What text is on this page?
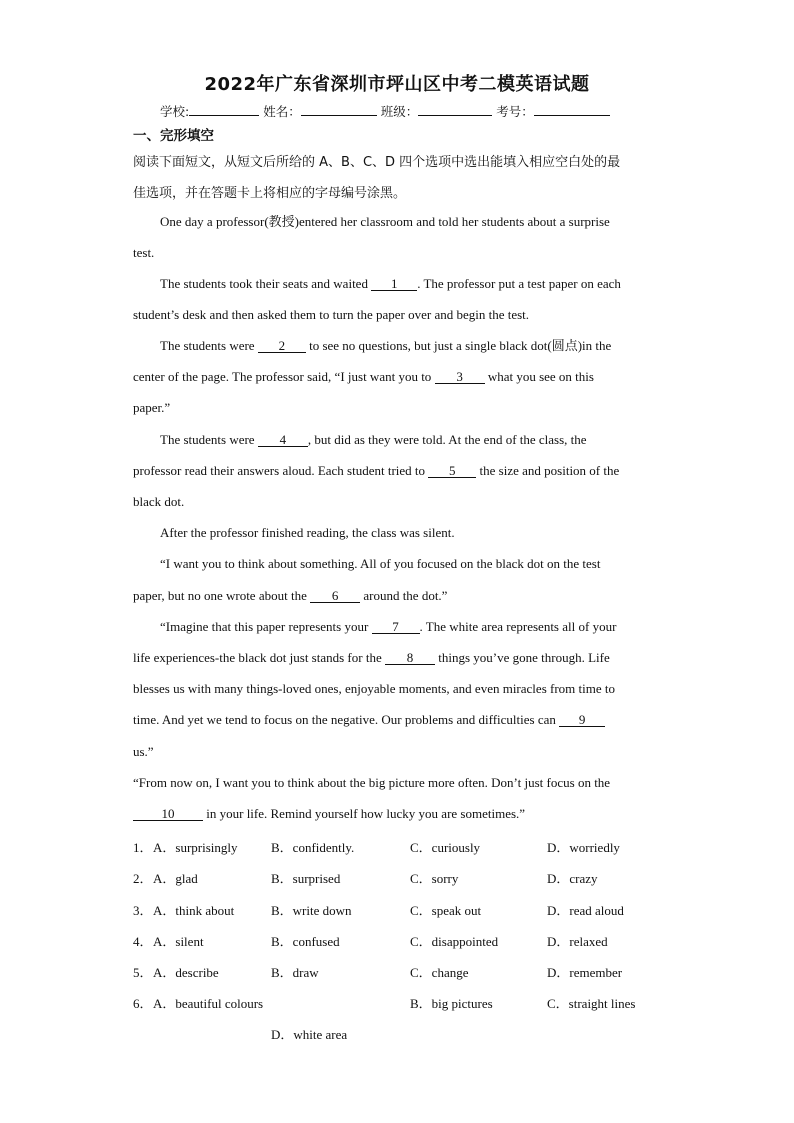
2022年广东省深圳市坪山区中考二模英语试题
学校:	姓名：	班级：	考号：
一、完形填空
阅读下面短文，从短文后所给的 A、B、C、D 四个选项中选出能填入相应空白处的最
佳选项，并在答题卡上将相应的字母编号涂黑。
One day a professor(教授)entered her classroom and told her students about a surprise
test.
The students took their seats and waited 1 . The professor put a test paper on each
student’s desk and then asked them to turn the paper over and begin the test.
The students were 2 to see no questions, but just a single black dot(圆点)in the
center of the page. The professor said, “I just want you to 3 what you see on this
paper.”
The students were 4 , but did as they were told. At the end of the class, the
professor read their answers aloud. Each student tried to 5 the size and position of the
black dot.
After the professor finished reading, the class was silent.
“I want you to think about something. All of you focused on the black dot on the test
paper, but no one wrote about the 6 around the dot.”
“Imagine that this paper represents your 7 . The white area represents all of your
life experiences-the black dot just stands for the 8 things you’ve gone through. Life
blesses us with many things-loved ones, enjoyable moments, and even miracles from time to
time. And yet we tend to focus on the negative. Our problems and difficulties can 9
us.”
“From now on, I want you to think about the big picture more often. Don’t just focus on the
10 in your life. Remind yourself how lucky you are sometimes.”
1． A．surprisingly	B．confidently.	C．curiously	D．worriedly
2． A．glad	B．surprised	C．sorry	D．crazy
3． A．think about	B．write down	C．speak out	D．read aloud
4． A．silent	B．confused	C．disappointed	D．relaxed
5． A．describe	B．draw	C．change	D．remember
6． A．beautiful colours	B．big pictures	C．straight lines
D．white area
